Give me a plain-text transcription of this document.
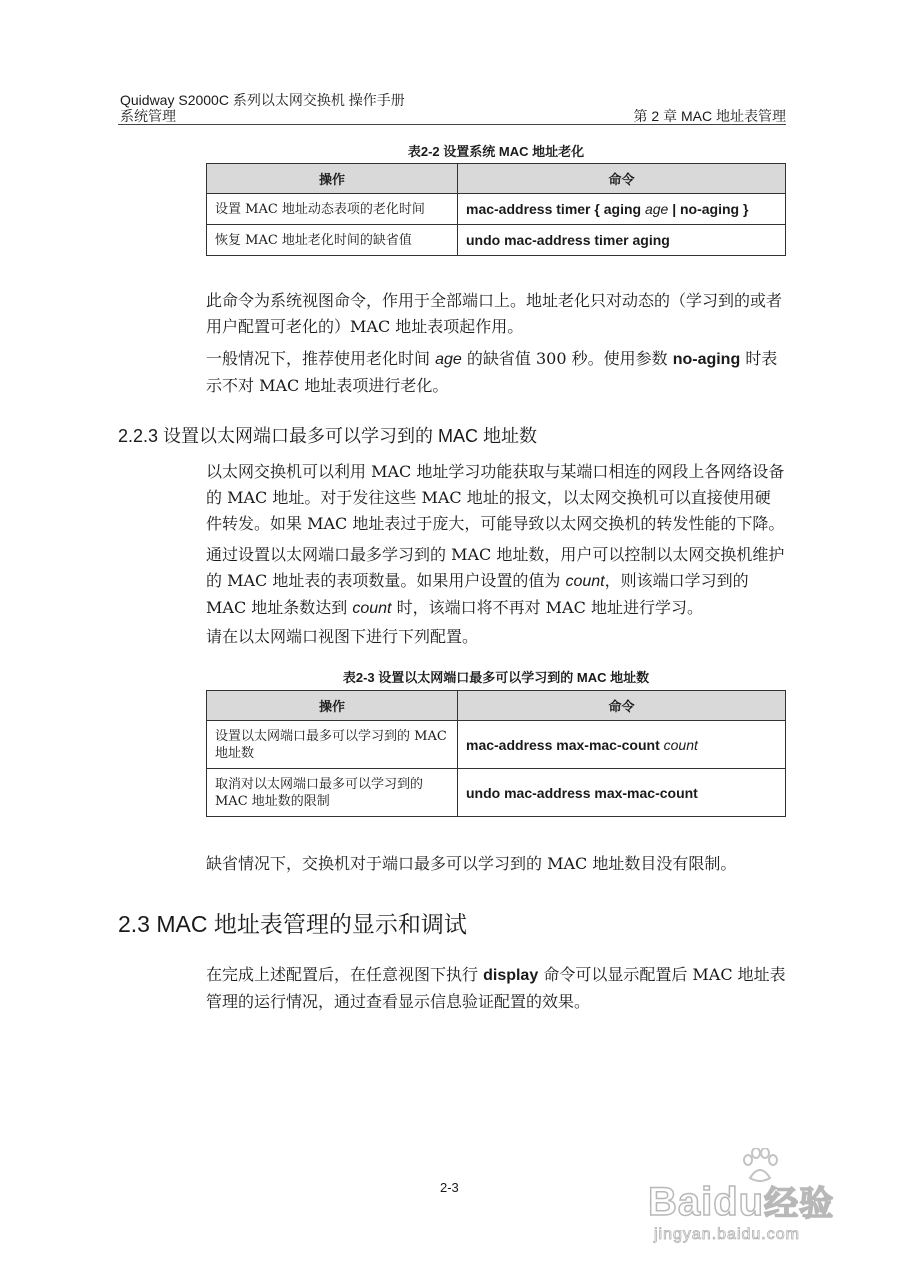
Quidway S2000C 系列以太网交换机 操作手册
系统管理	第 2 章 MAC 地址表管理
表2-2 设置系统 MAC 地址老化
操作	命令
设置 MAC 地址动态表项的老化时间	mac-address timer { aging age | no-aging }
恢复 MAC 地址老化时间的缺省值	undo mac-address timer aging
此命令为系统视图命令，作用于全部端口上。地址老化只对动态的（学习到的或者用户配置可老化的）MAC 地址表项起作用。
一般情况下，推荐使用老化时间 age 的缺省值 300 秒。使用参数 no-aging 时表示不对 MAC 地址表项进行老化。
2.2.3 设置以太网端口最多可以学习到的 MAC 地址数
以太网交换机可以利用 MAC 地址学习功能获取与某端口相连的网段上各网络设备的 MAC 地址。对于发往这些 MAC 地址的报文，以太网交换机可以直接使用硬件转发。如果 MAC 地址表过于庞大，可能导致以太网交换机的转发性能的下降。
通过设置以太网端口最多学习到的 MAC 地址数，用户可以控制以太网交换机维护的 MAC 地址表的表项数量。如果用户设置的值为 count，则该端口学习到的 MAC 地址条数达到 count 时，该端口将不再对 MAC 地址进行学习。
请在以太网端口视图下进行下列配置。
表2-3 设置以太网端口最多可以学习到的 MAC 地址数
操作	命令
设置以太网端口最多可以学习到的 MAC 地址数	mac-address max-mac-count count
取消对以太网端口最多可以学习到的 MAC 地址数的限制	undo mac-address max-mac-count
缺省情况下，交换机对于端口最多可以学习到的 MAC 地址数目没有限制。
2.3 MAC 地址表管理的显示和调试
在完成上述配置后，在任意视图下执行 display 命令可以显示配置后 MAC 地址表管理的运行情况，通过查看显示信息验证配置的效果。
2-3	Baidu经验
jingyan.baidu.com
